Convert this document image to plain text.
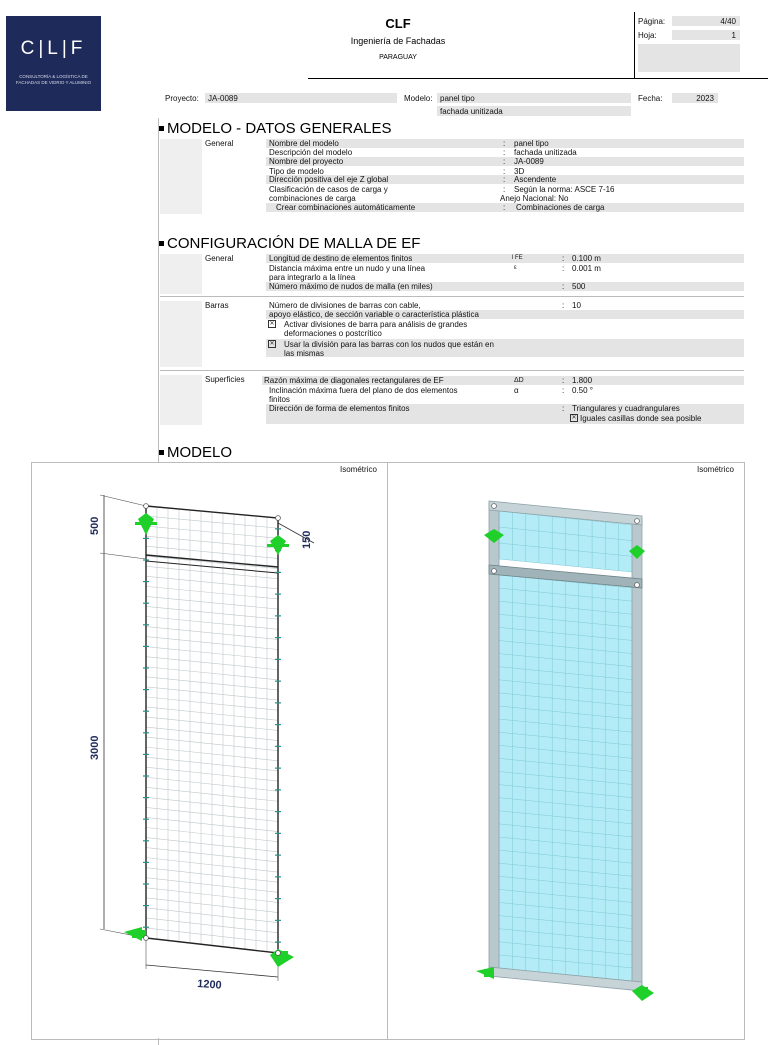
C|L|F
CONSULTORÍA & LOGÍSTICA DE FACHADAS DE VIDRIO Y ALUMINIO
CLF
Ingeniería de Fachadas
PARAGUAY
Página:	4/40
Hoja:	1
Proyecto: JA-0089	Modelo: panel tipo
fachada unitizada
Fecha:	2023
MODELO - DATOS GENERALES
General	Nombre del modelo	: panel tipo
Descripción del modelo	: fachada unitizada
Nombre del proyecto	: JA-0089
Tipo de modelo	: 3D
Dirección positiva del eje Z global	: Ascendente
Clasificación de casos de carga y
combinaciones de carga
: Según la norma: ASCE 7-16
Anejo Nacional: No
Crear combinaciones automáticamente	: Combinaciones de carga
CONFIGURACIÓN DE MALLA DE EF
General	Longitud de destino de elementos finitos	l FE	: 0.100 m
Distancia máxima entre un nudo y una línea
para integrarlo a la línea
ε	: 0.001 m
Número máximo de nudos de malla (en miles)	: 500
Barras	Número de divisiones de barras con cable,
apoyo elástico, de sección variable o característica plástica
: 10
✕ Activar divisiones de barra para análisis de grandes
deformaciones o postcrítico
✕ Usar la división para las barras con los nudos que están en
las mismas
Superficies Razón máxima de diagonales rectangulares de EF	ΔD	: 1.800
Inclinación máxima fuera del plano de dos elementos
finitos
α	: 0.50 °
Dirección de forma de elementos finitos	: Triangulares y cuadrangulares
✕ Iguales casillas donde sea posible
MODELO
Isométrico	Isométrico
500
3000
1200
150
